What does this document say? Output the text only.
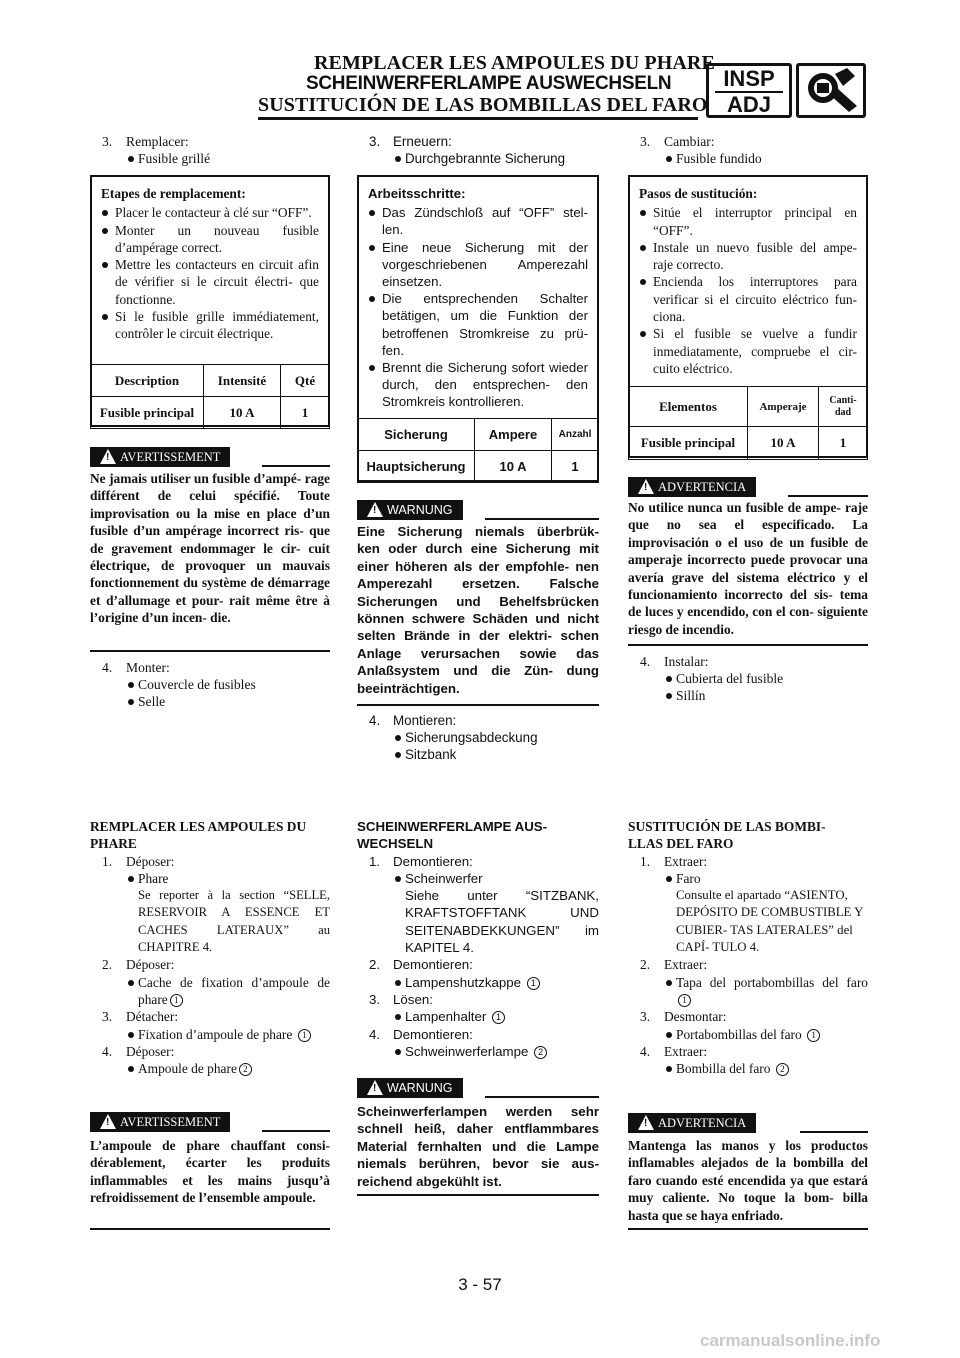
REMPLACER LES AMPOULES DU PHARE
SCHEINWERFERLAMPE AUSWECHSELN
SUSTITUCIÓN DE LAS BOMBILLAS DEL FARO
INSP
ADJ

3. Remplacer:

Fusible grillé

Etapes de remplacement:

Placer le contacteur à clé sur “OFF”.

Monter un nouveau fusible d’ampérage correct.

Mettre les contacteurs en circuit afin de vérifier si le circuit électri- que fonctionne.

Si le fusible grille immédiatement, contrôler le circuit électrique.

Description	Intensité	Qté
Fusible principal	10 A	1
! AVERTISSEMENT
Ne jamais utiliser un fusible d’ampé- rage différent de celui spécifié. Toute improvisation ou la mise en place d’un fusible d’un ampérage incorrect ris- que de gravement endommager le cir- cuit électrique, de provoquer un mauvais fonctionnement du système de démarrage et d’allumage et pour- rait même être à l’origine d’un incen- die.

4. Monter:

Couvercle de fusibles

Selle

REMPLACER LES AMPOULES DU PHARE

1. Déposer:

Phare

Se reporter à la section “SELLE, RESERVOIR A ESSENCE ET CACHES LATERAUX” au CHAPITRE 4.

2. Déposer:

Cache de fixation d’ampoule de phare 1

3. Détacher:

Fixation d’ampoule de phare 1

4. Déposer:

Ampoule de phare 2

! AVERTISSEMENT
L’ampoule de phare chauffant consi- dérablement, écarter les produits inflammables et les mains jusqu’à refroidissement de l’ensemble ampoule.

3. Erneuern:

Durchgebrannte Sicherung

Arbeitsschritte:

Das Zündschloß auf “OFF” stel- len.

Eine neue Sicherung mit der vorgeschriebenen Amperezahl einsetzen.

Die entsprechenden Schalter betätigen, um die Funktion der betroffenen Stromkreise zu prü- fen.

Brennt die Sicherung sofort wieder durch, den entsprechen- den Stromkreis kontrollieren.

Sicherung	Ampere	Anzahl
Hauptsicherung	10 A	1
! WARNUNG
Eine Sicherung niemals überbrük- ken oder durch eine Sicherung mit einer höheren als der empfohle- nen Amperezahl ersetzen. Falsche Sicherungen und Behelfsbrücken können schwere Schäden und nicht selten Brände in der elektri- schen Anlage verursachen sowie das Anlaßsystem und die Zün- dung beeinträchtigen.

4. Montieren:

Sicherungsabdeckung

Sitzbank

SCHEINWERFERLAMPE AUS- WECHSELN

1. Demontieren:

Scheinwerfer

Siehe unter “SITZBANK, KRAFTSTOFFTANK UND SEITENABDEKKUNGEN” im KAPITEL 4.

2. Demontieren:

Lampenshutzkappe 1

3. Lösen:

Lampenhalter 1

4. Demontieren:

Schweinwerferlampe 2

! WARNUNG
Scheinwerferlampen werden sehr schnell heiß, daher entflammbares Material fernhalten und die Lampe niemals berühren, bevor sie aus- reichend abgekühlt ist.

3. Cambiar:

Fusible fundido

Pasos de sustitución:

Sitúe el interruptor principal en “OFF”.

Instale un nuevo fusible del ampe- raje correcto.

Encienda los interruptores para verificar si el circuito eléctrico fun- ciona.

Si el fusible se vuelve a fundir inmediatamente, compruebe el cir- cuito eléctrico.

Elementos	Amperaje	Canti- dad
Fusible principal	10 A	1
! ADVERTENCIA
No utilice nunca un fusible de ampe- raje que no sea el especificado. La improvisación o el uso de un fusible de amperaje incorrecto puede provocar una avería grave del sistema eléctrico y el funcionamiento incorrecto del sis- tema de luces y encendido, con el con- siguiente riesgo de incendio.

4. Instalar:

Cubierta del fusible

Sillín

SUSTITUCIÓN DE LAS BOMBI- LLAS DEL FARO

1. Extraer:

Faro

Consulte el apartado “ASIENTO, DEPÓSITO DE COMBUSTIBLE Y CUBIER- TAS LATERALES” del CAPÍ- TULO 4.

2. Extraer:

Tapa del portabombillas del faro 1

3. Desmontar:

Portabombillas del faro 1

4. Extraer:

Bombilla del faro 2

! ADVERTENCIA
Mantenga las manos y los productos inflamables alejados de la bombilla del faro cuando esté encendida ya que estará muy caliente. No toque la bom- billa hasta que se haya enfriado.
3 - 57
carmanualsonline.info
